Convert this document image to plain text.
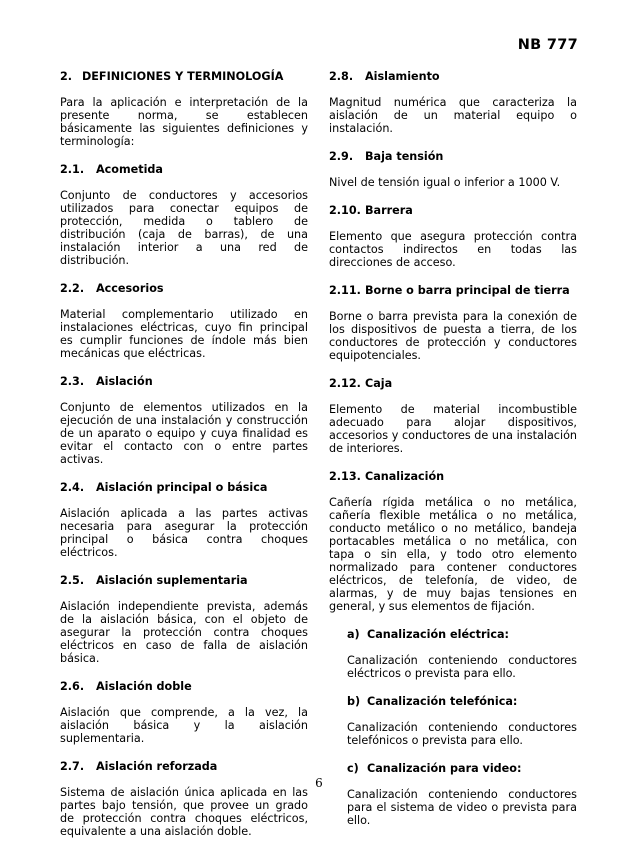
NB 777
2. DEFINICIONES Y TERMINOLOGÍA

Para la aplicación e interpretación de la presente norma, se establecen básicamente las siguientes definiciones y terminología:

2.1.	Acometida

Conjunto de conductores y accesorios utilizados para conectar equipos de protección, medida o tablero de distribución (caja de barras), de una instalación interior a una red de distribución.

2.2.	Accesorios

Material complementario utilizado en instalaciones eléctricas, cuyo fin principal es cumplir funciones de índole más bien mecánicas que eléctricas.

2.3.	Aislación

Conjunto de elementos utilizados en la ejecución de una instalación y construcción de un aparato o equipo y cuya finalidad es evitar el contacto con o entre partes activas.

2.4.	Aislación principal o básica

Aislación aplicada a las partes activas necesaria para asegurar la protección principal o básica contra choques eléctricos.

2.5.	Aislación suplementaria

Aislación independiente prevista, además de la aislación básica, con el objeto de asegurar la protección contra choques eléctricos en caso de falla de aislación básica.

2.6.	Aislación doble

Aislación que comprende, a la vez, la aislación básica y la aislación suplementaria.

2.7.	Aislación reforzada

Sistema de aislación única aplicada en las partes bajo tensión, que provee un grado de protección contra choques eléctricos, equivalente a una aislación doble.

2.8.	Aislamiento

Magnitud numérica que caracteriza la aislación de un material equipo o instalación.

2.9.	Baja tensión

Nivel de tensión igual o inferior a 1000 V.

2.10. Barrera

Elemento que asegura protección contra contactos indirectos en todas las direcciones de acceso.

2.11. Borne o barra principal de tierra

Borne o barra prevista para la conexión de los dispositivos de puesta a tierra, de los conductores de protección y conductores equipotenciales.

2.12. Caja

Elemento de material incombustible adecuado para alojar dispositivos, accesorios y conductores de una instalación de interiores.

2.13. Canalización

Cañería rígida metálica o no metálica, cañería flexible metálica o no metálica, conducto metálico o no metálico, bandeja portacables metálica o no metálica, con tapa o sin ella, y todo otro elemento normalizado para contener conductores eléctricos, de telefonía, de video, de alarmas, y de muy bajas tensiones en general, y sus elementos de fijación.

a) Canalización eléctrica:

Canalización conteniendo conductores eléctricos o prevista para ello.

b) Canalización telefónica:

Canalización conteniendo conductores telefónicos o prevista para ello.

c) Canalización para video:

Canalización conteniendo conductores para el sistema de video o prevista para ello.

6
